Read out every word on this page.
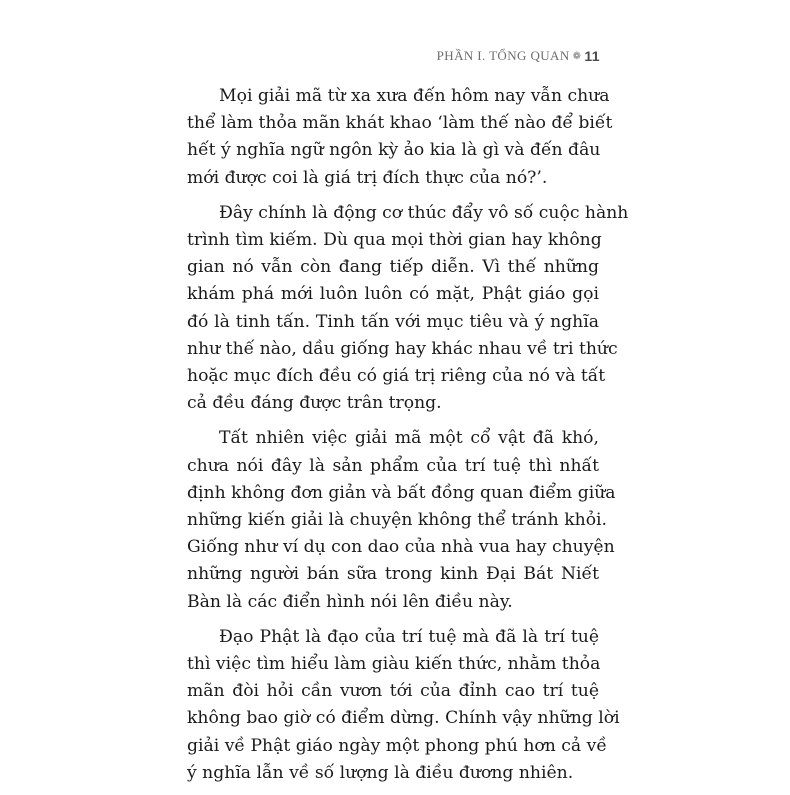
PHẦN I. TỔNG QUAN ❁ 11

Mọi giải mã từ xa xưa đến hôm nay vẫn chưa
thể làm thỏa mãn khát khao ‘làm thế nào để biết
hết ý nghĩa ngữ ngôn kỳ ảo kia là gì và đến đâu
mới được coi là giá trị đích thực của nó?’.

Đây chính là động cơ thúc đẩy vô số cuộc hành
trình tìm kiếm. Dù qua mọi thời gian hay không
gian nó vẫn còn đang tiếp diễn. Vì thế những
khám phá mới luôn luôn có mặt, Phật giáo gọi
đó là tinh tấn. Tinh tấn với mục tiêu và ý nghĩa
như thế nào, dầu giống hay khác nhau về tri thức
hoặc mục đích đều có giá trị riêng của nó và tất
cả đều đáng được trân trọng.

Tất nhiên việc giải mã một cổ vật đã khó,
chưa nói đây là sản phẩm của trí tuệ thì nhất
định không đơn giản và bất đồng quan điểm giữa
những kiến giải là chuyện không thể tránh khỏi.
Giống như ví dụ con dao của nhà vua hay chuyện
những người bán sữa trong kinh Đại Bát Niết
Bàn là các điển hình nói lên điều này.

Đạo Phật là đạo của trí tuệ mà đã là trí tuệ
thì việc tìm hiểu làm giàu kiến thức, nhằm thỏa
mãn đòi hỏi cần vươn tới của đỉnh cao trí tuệ
không bao giờ có điểm dừng. Chính vậy những lời
giải về Phật giáo ngày một phong phú hơn cả về
ý nghĩa lẫn về số lượng là điều đương nhiên.
